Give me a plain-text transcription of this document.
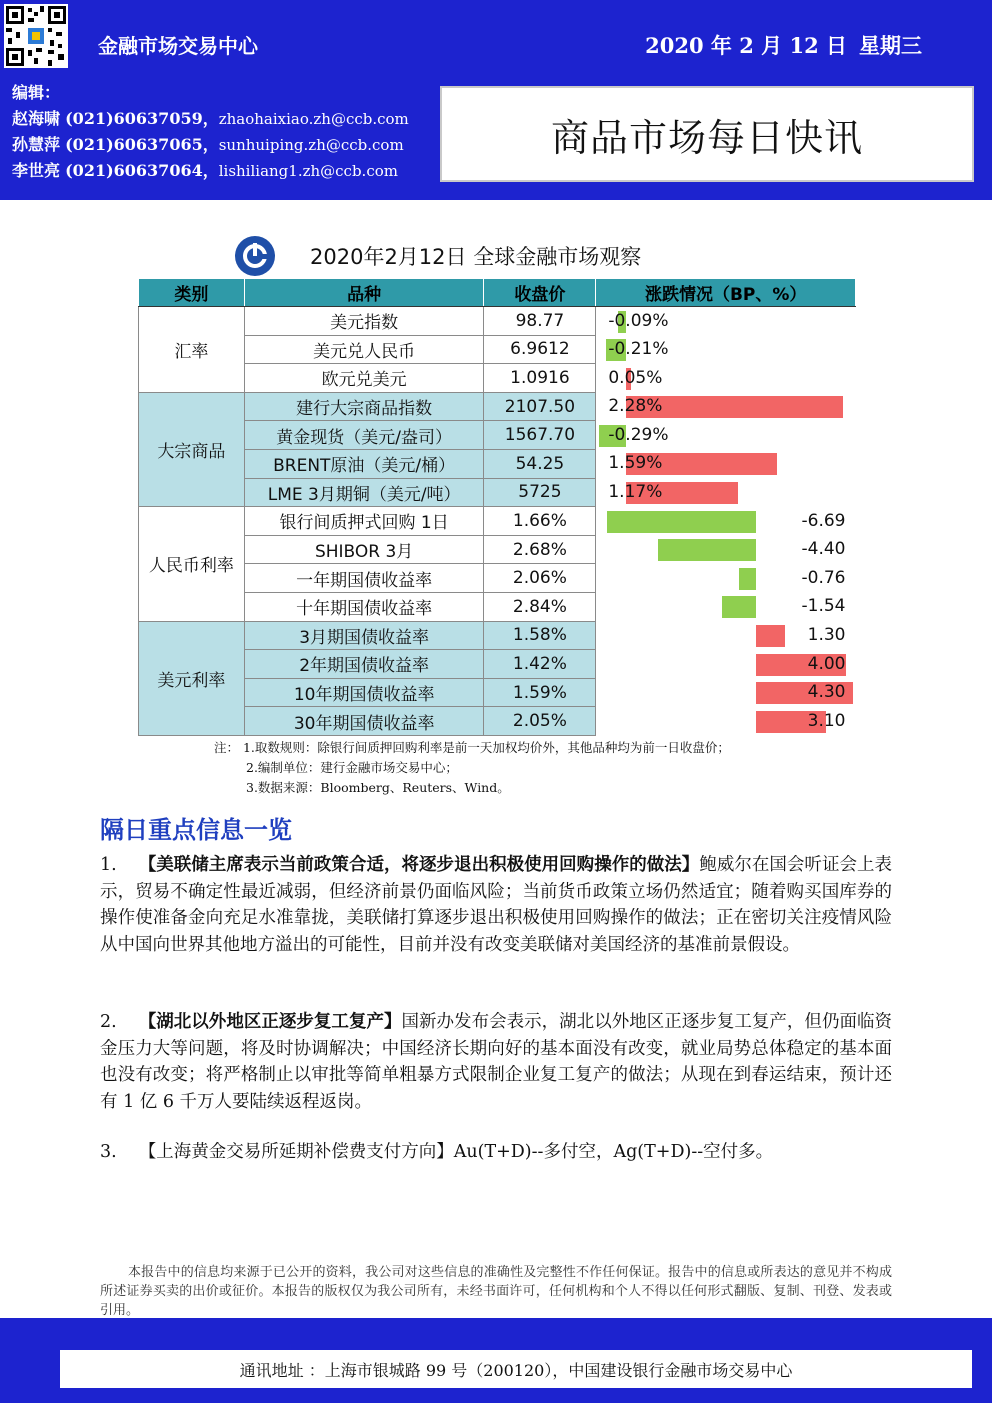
金融市场交易中心	2020 年 2 月 12 日 星期三
编辑：
赵海啸 (021)60637059，zhaohaixiao.zh@ccb.com
孙慧萍 (021)60637065，sunhuiping.zh@ccb.com
李世亮 (021)60637064，lishiliang1.zh@ccb.com
商品市场每日快讯
2020年2月12日 全球金融市场观察
类别	品种	收盘价	涨跌情况（BP、%）
汇率	美元指数	98.77	-0.09%

	美元兑人民币	6.9612	-0.21%

	欧元兑美元	1.0916	0.05%

大宗商品	建行大宗商品指数	2107.50	2.28%

	黄金现货（美元/盎司）	1567.70	-0.29%

	BRENT原油（美元/桶）	54.25	1.59%

	LME 3月期铜（美元/吨）	5725	1.17%

人民币利率	银行间质押式回购 1日	1.66%	-6.69

	SHIBOR 3月	2.68%	-4.40

	一年期国债收益率	2.06%	-0.76

	十年期国债收益率	2.84%	-1.54

美元利率	3月期国债收益率	1.58%	1.30

	2年期国债收益率	1.42%	4.00

	10年期国债收益率	1.59%	4.30

	30年期国债收益率	2.05%	3.10
注： 1.取数规则：除银行间质押回购利率是前一天加权均价外，其他品种均为前一日收盘价；
2.编制单位：建行金融市场交易中心；
3.数据来源：Bloomberg、Reuters、Wind。
隔日重点信息一览

1. 【美联储主席表示当前政策合适，将逐步退出积极使用回购操作的做法】鲍威尔在国会听证会上表示，贸易不确定性最近减弱，但经济前景仍面临风险；当前货币政策立场仍然适宜；随着购买国库券的操作使准备金向充足水准靠拢，美联储打算逐步退出积极使用回购操作的做法；正在密切关注疫情风险从中国向世界其他地方溢出的可能性，目前并没有改变美联储对美国经济的基准前景假设。

2. 【湖北以外地区正逐步复工复产】国新办发布会表示，湖北以外地区正逐步复工复产，但仍面临资金压力大等问题，将及时协调解决；中国经济长期向好的基本面没有改变，就业局势总体稳定的基本面也没有改变；将严格制止以审批等简单粗暴方式限制企业复工复产的做法；从现在到春运结束，预计还有 1 亿 6 千万人要陆续返程返岗。

3. 【上海黄金交易所延期补偿费支付方向】Au(T+D)--多付空，Ag(T+D)--空付多。

本报告中的信息均来源于已公开的资料，我公司对这些信息的准确性及完整性不作任何保证。报告中的信息或所表达的意见并不构成所述证券买卖的出价或征价。本报告的版权仅为我公司所有，未经书面许可，任何机构和个人不得以任何形式翻版、复制、刊登、发表或引用。

通讯地址 ：上海市银城路 99 号（200120），中国建设银行金融市场交易中心
